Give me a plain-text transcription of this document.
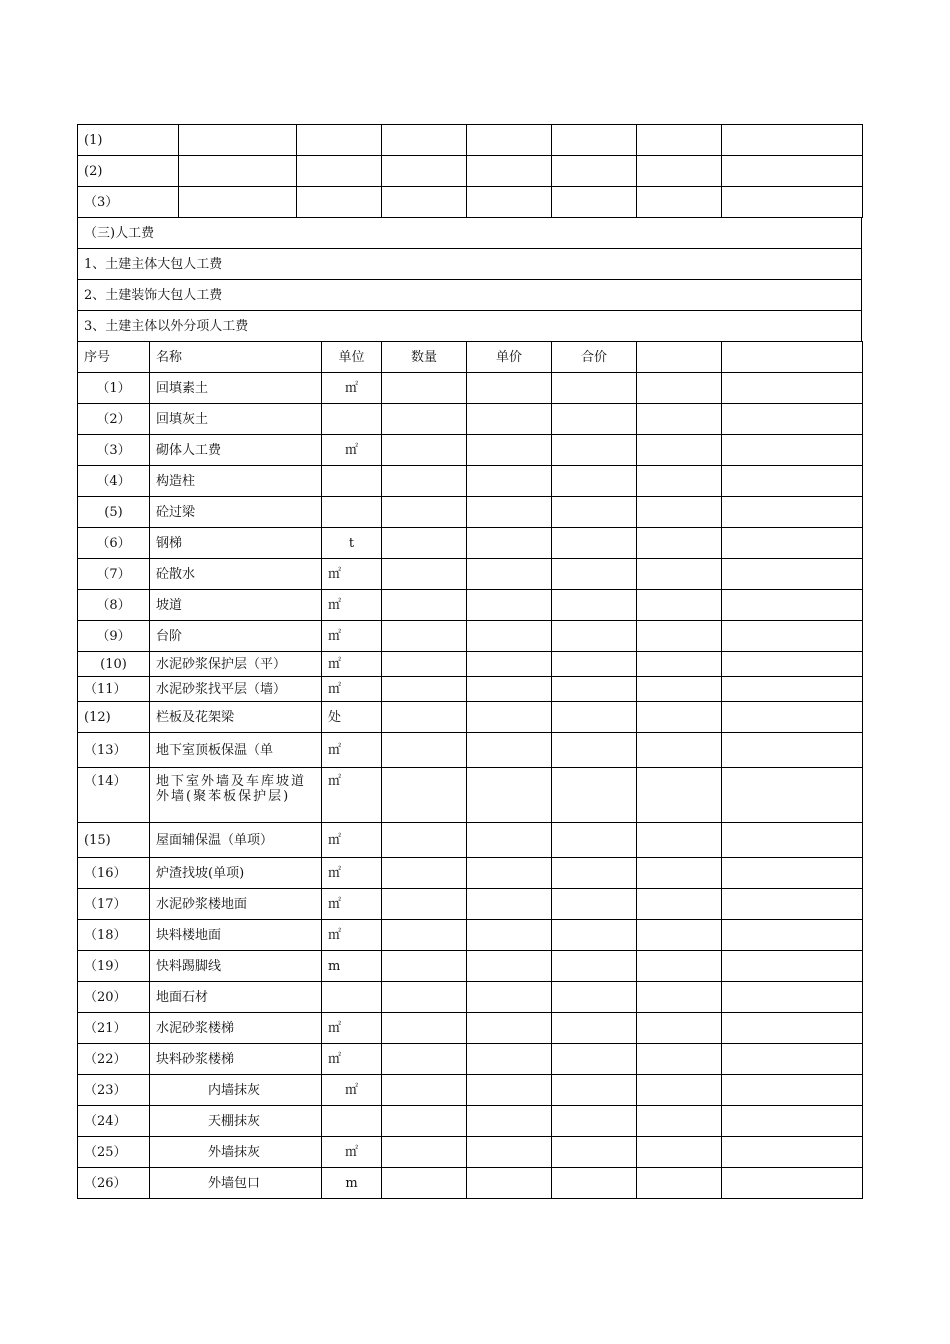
(1)							
(2)							
（3）							
（三)人工费
1、土建主体大包人工费
2、土建装饰大包人工费
3、土建主体以外分项人工费
序号	名称	单位	数量	单价	合价		
（1）	回填素土	㎡					
（2）	回填灰土						
（3）	砌体人工费	㎡					
（4）	构造柱						
(5)	砼过梁						
（6）	钢梯	t					
（7）	砼散水	㎡					
（8）	坡道	㎡					
（9）	台阶	㎡					
(10)	水泥砂浆保护层（平）	㎡					
（11）	水泥砂浆找平层（墙）	㎡					
(12)	栏板及花架梁	处					
（13）	地下室顶板保温（单	㎡					
（14）	地下室外墙及车库坡道外墙(聚苯板保护层)	㎡					
(15)	屋面辅保温（单项）	㎡					
（16）	炉渣找坡(单项)	㎡					
（17）	水泥砂浆楼地面	㎡					
（18）	块料楼地面	㎡					
（19）	快料踢脚线	m					
（20）	地面石材						
（21）	水泥砂浆楼梯	㎡					
（22）	块料砂浆楼梯	㎡					
（23）	内墙抹灰	㎡					
（24）	天棚抹灰						
（25）	外墙抹灰	㎡					
（26）	外墙包口	m					
